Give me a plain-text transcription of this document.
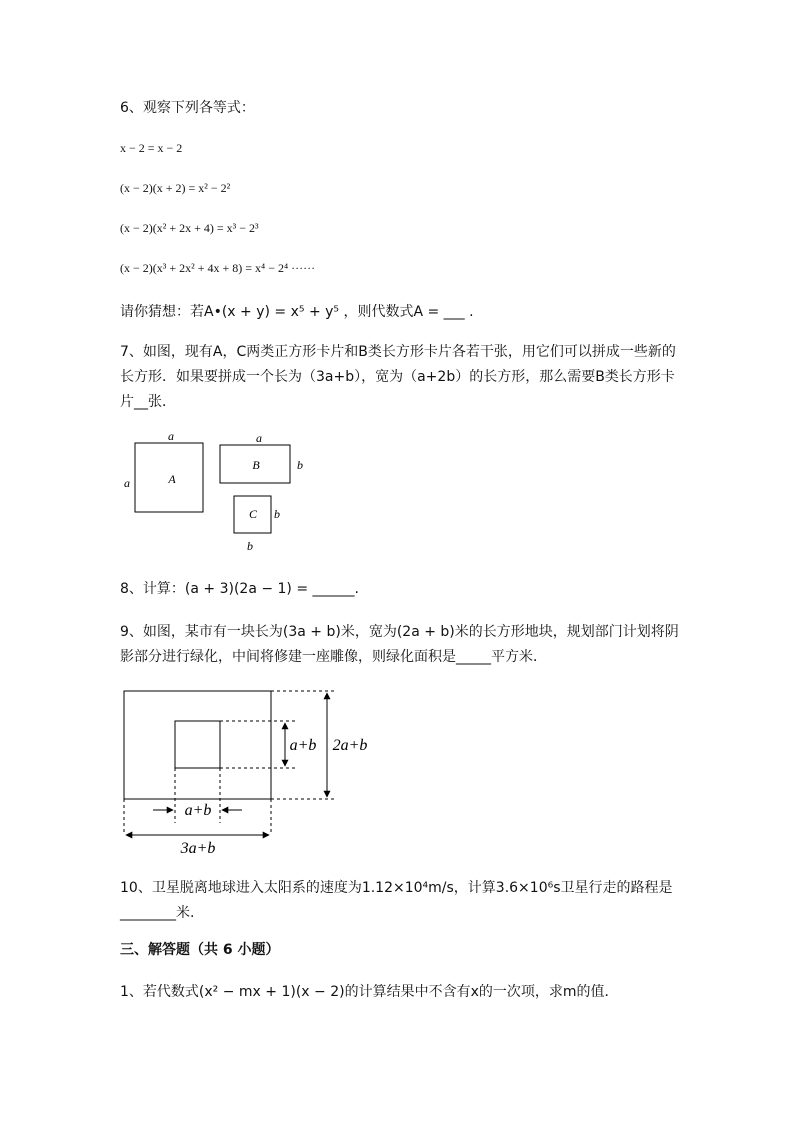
6、观察下列各等式：
x − 2 = x − 2
(x − 2)(x + 2) = x² − 2²
(x − 2)(x² + 2x + 4) = x³ − 2³
(x − 2)(x³ + 2x² + 4x + 8) = x⁴ − 2⁴ ······
请你猜想：若A•(x + y) = x⁵ + y⁵ ，则代数式A = ___ .
7、如图，现有A，C两类正方形卡片和B类长方形卡片各若干张，用它们可以拼成一些新的长方形．如果要拼成一个长为（3a+b），宽为（a+2b）的长方形，那么需要B类长方形卡片__张．
a
a	A
a
B	b
C b
b
8、计算：(a + 3)(2a − 1) = ______.
9、如图，某市有一块长为(3a + b)米，宽为(2a + b)米的长方形地块，规划部门计划将阴影部分进行绿化，中间将修建一座雕像，则绿化面积是_____平方米．
a+b 2a+b
a+b
3a+b
10、卫星脱离地球进入太阳系的速度为1.12×10⁴m/s，计算3.6×10⁶s卫星行走的路程是________米.
三、解答题（共 6 小题）
1、若代数式(x² − mx + 1)(x − 2)的计算结果中不含有x的一次项，求m的值．
